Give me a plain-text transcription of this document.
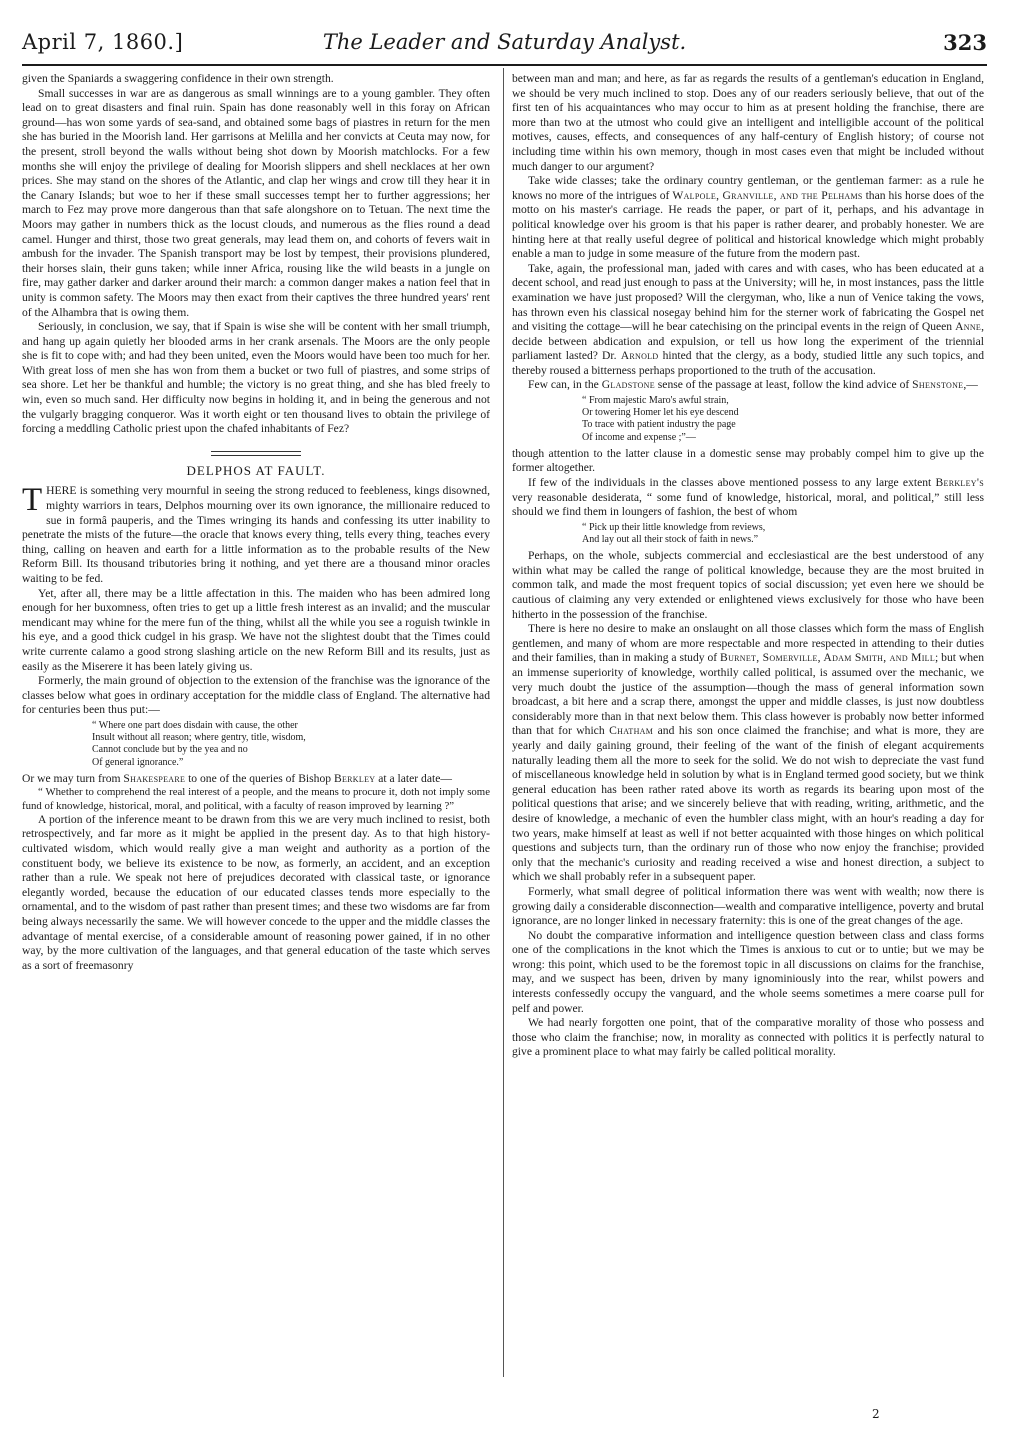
April 7, 1860.]	The Leader and Saturday Analyst.	323

given the Spaniards a swaggering confidence in their own strength.

Small successes in war are as dangerous as small winnings are to a young gambler. They often lead on to great disasters and final ruin. Spain has done reasonably well in this foray on African ground—has won some yards of sea-sand, and obtained some bags of piastres in return for the men she has buried in the Moorish land. Her garrisons at Melilla and her convicts at Ceuta may now, for the present, stroll beyond the walls without being shot down by Moorish matchlocks. For a few months she will enjoy the privilege of dealing for Moorish slippers and shell necklaces at her own prices. She may stand on the shores of the Atlantic, and clap her wings and crow till they hear it in the Canary Islands; but woe to her if these small successes tempt her to further aggressions; her march to Fez may prove more dangerous than that safe alongshore on to Tetuan. The next time the Moors may gather in numbers thick as the locust clouds, and numerous as the flies round a dead camel. Hunger and thirst, those two great generals, may lead them on, and cohorts of fevers wait in ambush for the invader. The Spanish transport may be lost by tempest, their provisions plundered, their horses slain, their guns taken; while inner Africa, rousing like the wild beasts in a jungle on fire, may gather darker and darker around their march: a common danger makes a nation feel that in unity is common safety. The Moors may then exact from their captives the three hundred years' rent of the Alhambra that is owing them.

Seriously, in conclusion, we say, that if Spain is wise she will be content with her small triumph, and hang up again quietly her blooded arms in her crank arsenals. The Moors are the only people she is fit to cope with; and had they been united, even the Moors would have been too much for her. With great loss of men she has won from them a bucket or two full of piastres, and some strips of sea shore. Let her be thankful and humble; the victory is no great thing, and she has bled freely to win, even so much sand. Her difficulty now begins in holding it, and in being the generous and not the vulgarly bragging conqueror. Was it worth eight or ten thousand lives to obtain the privilege of forcing a meddling Catholic priest upon the chafed inhabitants of Fez?

DELPHOS AT FAULT.

THERE is something very mournful in seeing the strong reduced to feebleness, kings disowned, mighty warriors in tears, Delphos mourning over its own ignorance, the millionaire reduced to sue in formâ pauperis, and the Times wringing its hands and confessing its utter inability to penetrate the mists of the future—the oracle that knows every thing, tells every thing, teaches every thing, calling on heaven and earth for a little information as to the probable results of the New Reform Bill. Its thousand tributories bring it nothing, and yet there are a thousand minor oracles waiting to be fed.

Yet, after all, there may be a little affectation in this. The maiden who has been admired long enough for her buxomness, often tries to get up a little fresh interest as an invalid; and the muscular mendicant may whine for the mere fun of the thing, whilst all the while you see a roguish twinkle in his eye, and a good thick cudgel in his grasp. We have not the slightest doubt that the Times could write currente calamo a good strong slashing article on the new Reform Bill and its results, just as easily as the Miserere it has been lately giving us.

Formerly, the main ground of objection to the extension of the franchise was the ignorance of the classes below what goes in ordinary acceptation for the middle class of England. The alternative had for centuries been thus put:—

“ Where one part does disdain with cause, the other
Insult without all reason; where gentry, title, wisdom,
Cannot conclude but by the yea and no
Of general ignorance.”

Or we may turn from Shakespeare to one of the queries of Bishop Berkley at a later date—

“ Whether to comprehend the real interest of a people, and the means to procure it, doth not imply some fund of knowledge, historical, moral, and political, with a faculty of reason improved by learning ?”

A portion of the inference meant to be drawn from this we are very much inclined to resist, both retrospectively, and far more as it might be applied in the present day. As to that high history-cultivated wisdom, which would really give a man weight and authority as a portion of the constituent body, we believe its existence to be now, as formerly, an accident, and an exception rather than a rule. We speak not here of prejudices decorated with classical taste, or ignorance elegantly worded, because the education of our educated classes tends more especially to the ornamental, and to the wisdom of past rather than present times; and these two wisdoms are far from being always necessarily the same. We will however concede to the upper and the middle classes the advantage of mental exercise, of a considerable amount of reasoning power gained, if in no other way, by the more cultivation of the languages, and that general education of the taste which serves as a sort of freemasonry

between man and man; and here, as far as regards the results of a gentleman's education in England, we should be very much inclined to stop. Does any of our readers seriously believe, that out of the first ten of his acquaintances who may occur to him as at present holding the franchise, there are more than two at the utmost who could give an intelligent and intelligible account of the political motives, causes, effects, and consequences of any half-century of English history; of course not including time within his own memory, though in most cases even that might be included without much danger to our argument?

Take wide classes; take the ordinary country gentleman, or the gentleman farmer: as a rule he knows no more of the intrigues of Walpole, Granville, and the Pelhams than his horse does of the motto on his master's carriage. He reads the paper, or part of it, perhaps, and his advantage in political knowledge over his groom is that his paper is rather dearer, and probably honester. We are hinting here at that really useful degree of political and historical knowledge which might probably enable a man to judge in some measure of the future from the modern past.

Take, again, the professional man, jaded with cares and with cases, who has been educated at a decent school, and read just enough to pass at the University; will he, in most instances, pass the little examination we have just proposed? Will the clergyman, who, like a nun of Venice taking the vows, has thrown even his classical nosegay behind him for the sterner work of fabricating the Gospel net and visiting the cottage—will he bear catechising on the principal events in the reign of Queen Anne, decide between abdication and expulsion, or tell us how long the experiment of the triennial parliament lasted? Dr. Arnold hinted that the clergy, as a body, studied little any such topics, and thereby roused a bitterness perhaps proportioned to the truth of the accusation.

Few can, in the Gladstone sense of the passage at least, follow the kind advice of Shenstone,—

“ From majestic Maro's awful strain,
Or towering Homer let his eye descend
To trace with patient industry the page
Of income and expense ;”—

though attention to the latter clause in a domestic sense may probably compel him to give up the former altogether.

If few of the individuals in the classes above mentioned possess to any large extent Berkley's very reasonable desiderata, “ some fund of knowledge, historical, moral, and political,” still less should we find them in loungers of fashion, the best of whom

“ Pick up their little knowledge from reviews,
And lay out all their stock of faith in news.”

Perhaps, on the whole, subjects commercial and ecclesiastical are the best understood of any within what may be called the range of political knowledge, because they are the most bruited in common talk, and made the most frequent topics of social discussion; yet even here we should be cautious of claiming any very extended or enlightened views exclusively for those who have been hitherto in the possession of the franchise.

There is here no desire to make an onslaught on all those classes which form the mass of English gentlemen, and many of whom are more respectable and more respected in attending to their duties and their families, than in making a study of Burnet, Somerville, Adam Smith, and Mill; but when an immense superiority of knowledge, worthily called political, is assumed over the mechanic, we very much doubt the justice of the assumption—though the mass of general information sown broadcast, a bit here and a scrap there, amongst the upper and middle classes, is just now doubtless considerably more than in that next below them. This class however is probably now better informed than that for which Chatham and his son once claimed the franchise; and what is more, they are yearly and daily gaining ground, their feeling of the want of the finish of elegant acquirements naturally leading them all the more to seek for the solid. We do not wish to depreciate the vast fund of miscellaneous knowledge held in solution by what is in England termed good society, but we think general education has been rather rated above its worth as regards its bearing upon most of the political questions that arise; and we sincerely believe that with reading, writing, arithmetic, and the desire of knowledge, a mechanic of even the humbler class might, with an hour's reading a day for two years, make himself at least as well if not better acquainted with those hinges on which political questions and subjects turn, than the ordinary run of those who now enjoy the franchise; provided only that the mechanic's curiosity and reading received a wise and honest direction, a subject to which we shall probably refer in a subsequent paper.

Formerly, what small degree of political information there was went with wealth; now there is growing daily a considerable disconnection—wealth and comparative intelligence, poverty and brutal ignorance, are no longer linked in necessary fraternity: this is one of the great changes of the age.

No doubt the comparative information and intelligence question between class and class forms one of the complications in the knot which the Times is anxious to cut or to untie; but we may be wrong: this point, which used to be the foremost topic in all discussions on claims for the franchise, may, and we suspect has been, driven by many ignominiously into the rear, whilst powers and interests confessedly occupy the vanguard, and the whole seems sometimes a mere coarse pull for pelf and power.

We had nearly forgotten one point, that of the comparative morality of those who possess and those who claim the franchise; now, in morality as connected with politics it is perfectly natural to give a prominent place to what may fairly be called political morality.

2
